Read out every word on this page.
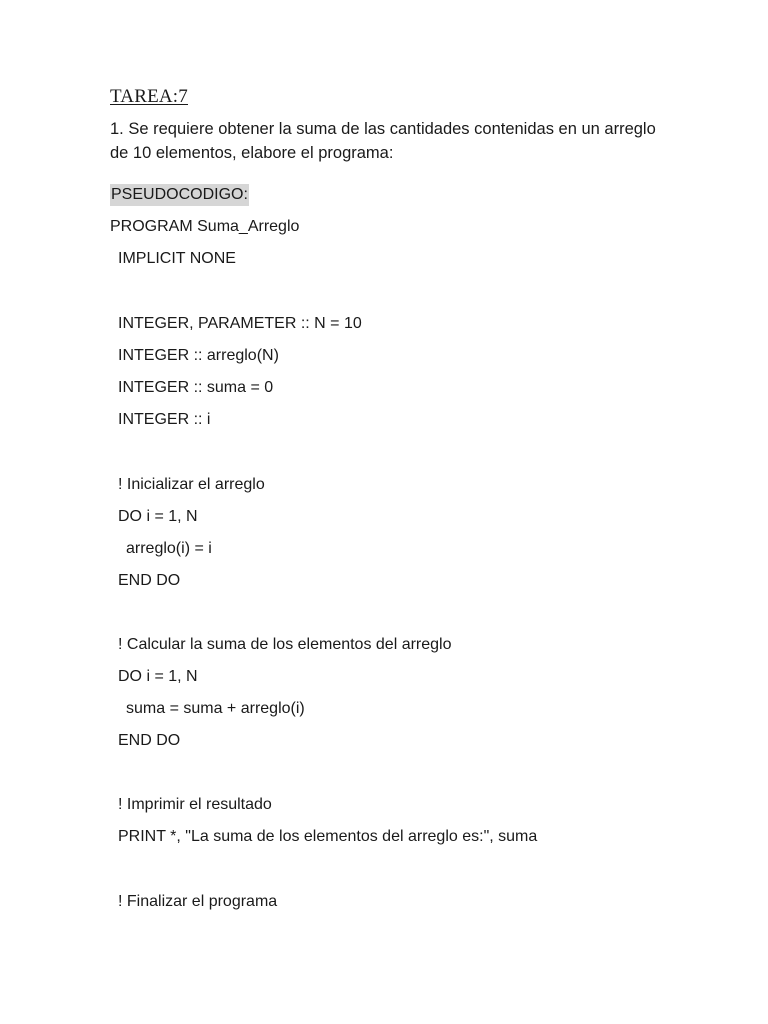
TAREA:7
1. Se requiere obtener la suma de las cantidades contenidas en un arreglo de 10 elementos, elabore el programa:
PSEUDOCODIGO:
PROGRAM Suma_Arreglo
IMPLICIT NONE
INTEGER, PARAMETER :: N = 10
INTEGER :: arreglo(N)
INTEGER :: suma = 0
INTEGER :: i
! Inicializar el arreglo
DO i = 1, N
arreglo(i) = i
END DO
! Calcular la suma de los elementos del arreglo
DO i = 1, N
suma = suma + arreglo(i)
END DO
! Imprimir el resultado
PRINT *, "La suma de los elementos del arreglo es:", suma
! Finalizar el programa
